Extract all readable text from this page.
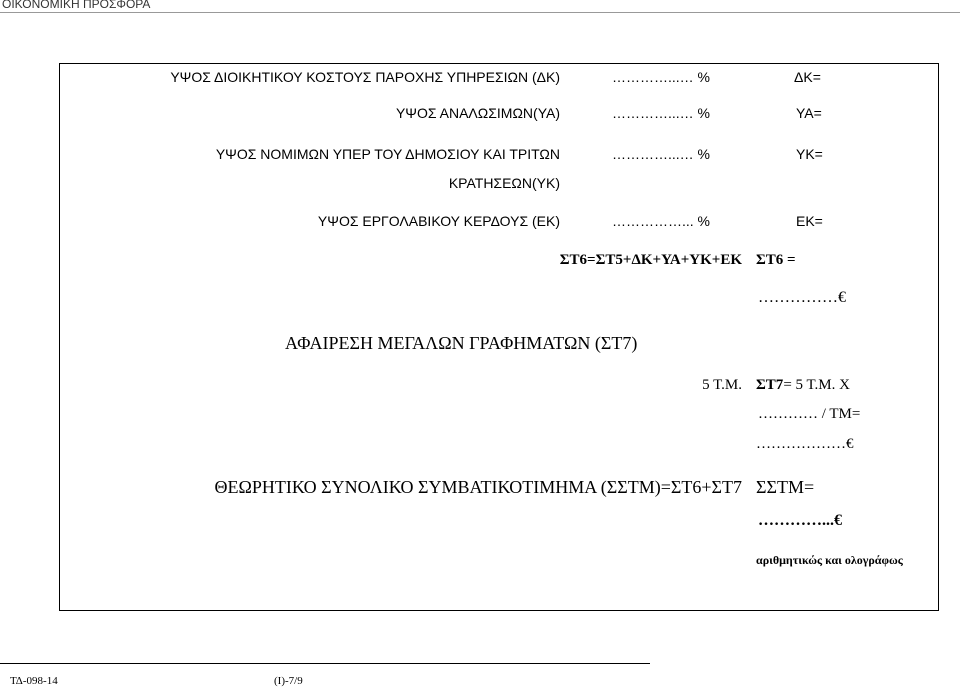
ΟΙΚΟΝΟΜΙΚΗ ΠΡΟΣΦΟΡΑ
ΥΨΟΣ ΔΙΟΙΚΗΤΙΚΟΥ ΚΟΣΤΟΥΣ ΠΑΡΟΧΗΣ ΥΠΗΡΕΣΙΩΝ (ΔΚ)	…………...… %	ΔΚ=
ΥΨΟΣ ΑΝΑΛΩΣΙΜΩΝ(ΥΑ)	…………...… %	ΥΑ=
ΥΨΟΣ ΝΟΜΙΜΩΝ ΥΠΕΡ ΤΟΥ ΔΗΜΟΣΙΟΥ ΚΑΙ ΤΡΙΤΩΝ
ΚΡΑΤΗΣΕΩΝ(ΥΚ)
…………...… %	ΥΚ=
ΥΨΟΣ ΕΡΓΟΛΑΒΙΚΟΥ ΚΕΡΔΟΥΣ (ΕΚ)	……………... %	ΕΚ=
ΣΤ6=ΣΤ5+ΔΚ+ΥΑ+ΥΚ+ΕΚ ΣΤ6 =
……………€
ΑΦΑΙΡΕΣΗ ΜΕΓΑΛΩΝ ΓΡΑΦΗΜΑΤΩΝ (ΣΤ7)
5 Τ.Μ. ΣΤ7= 5 Τ.Μ. Χ
………… / ΤΜ=
………………€
ΘΕΩΡΗΤΙΚΟ ΣΥΝΟΛΙΚΟ ΣΥΜΒΑΤΙΚΟΤΙΜΗΜΑ (ΣΣΤΜ)=ΣΤ6+ΣΤ7 ΣΣΤΜ=
…………...€
αριθμητικώς και ολογράφως
ΤΔ-098-14	(Ι)-7/9
